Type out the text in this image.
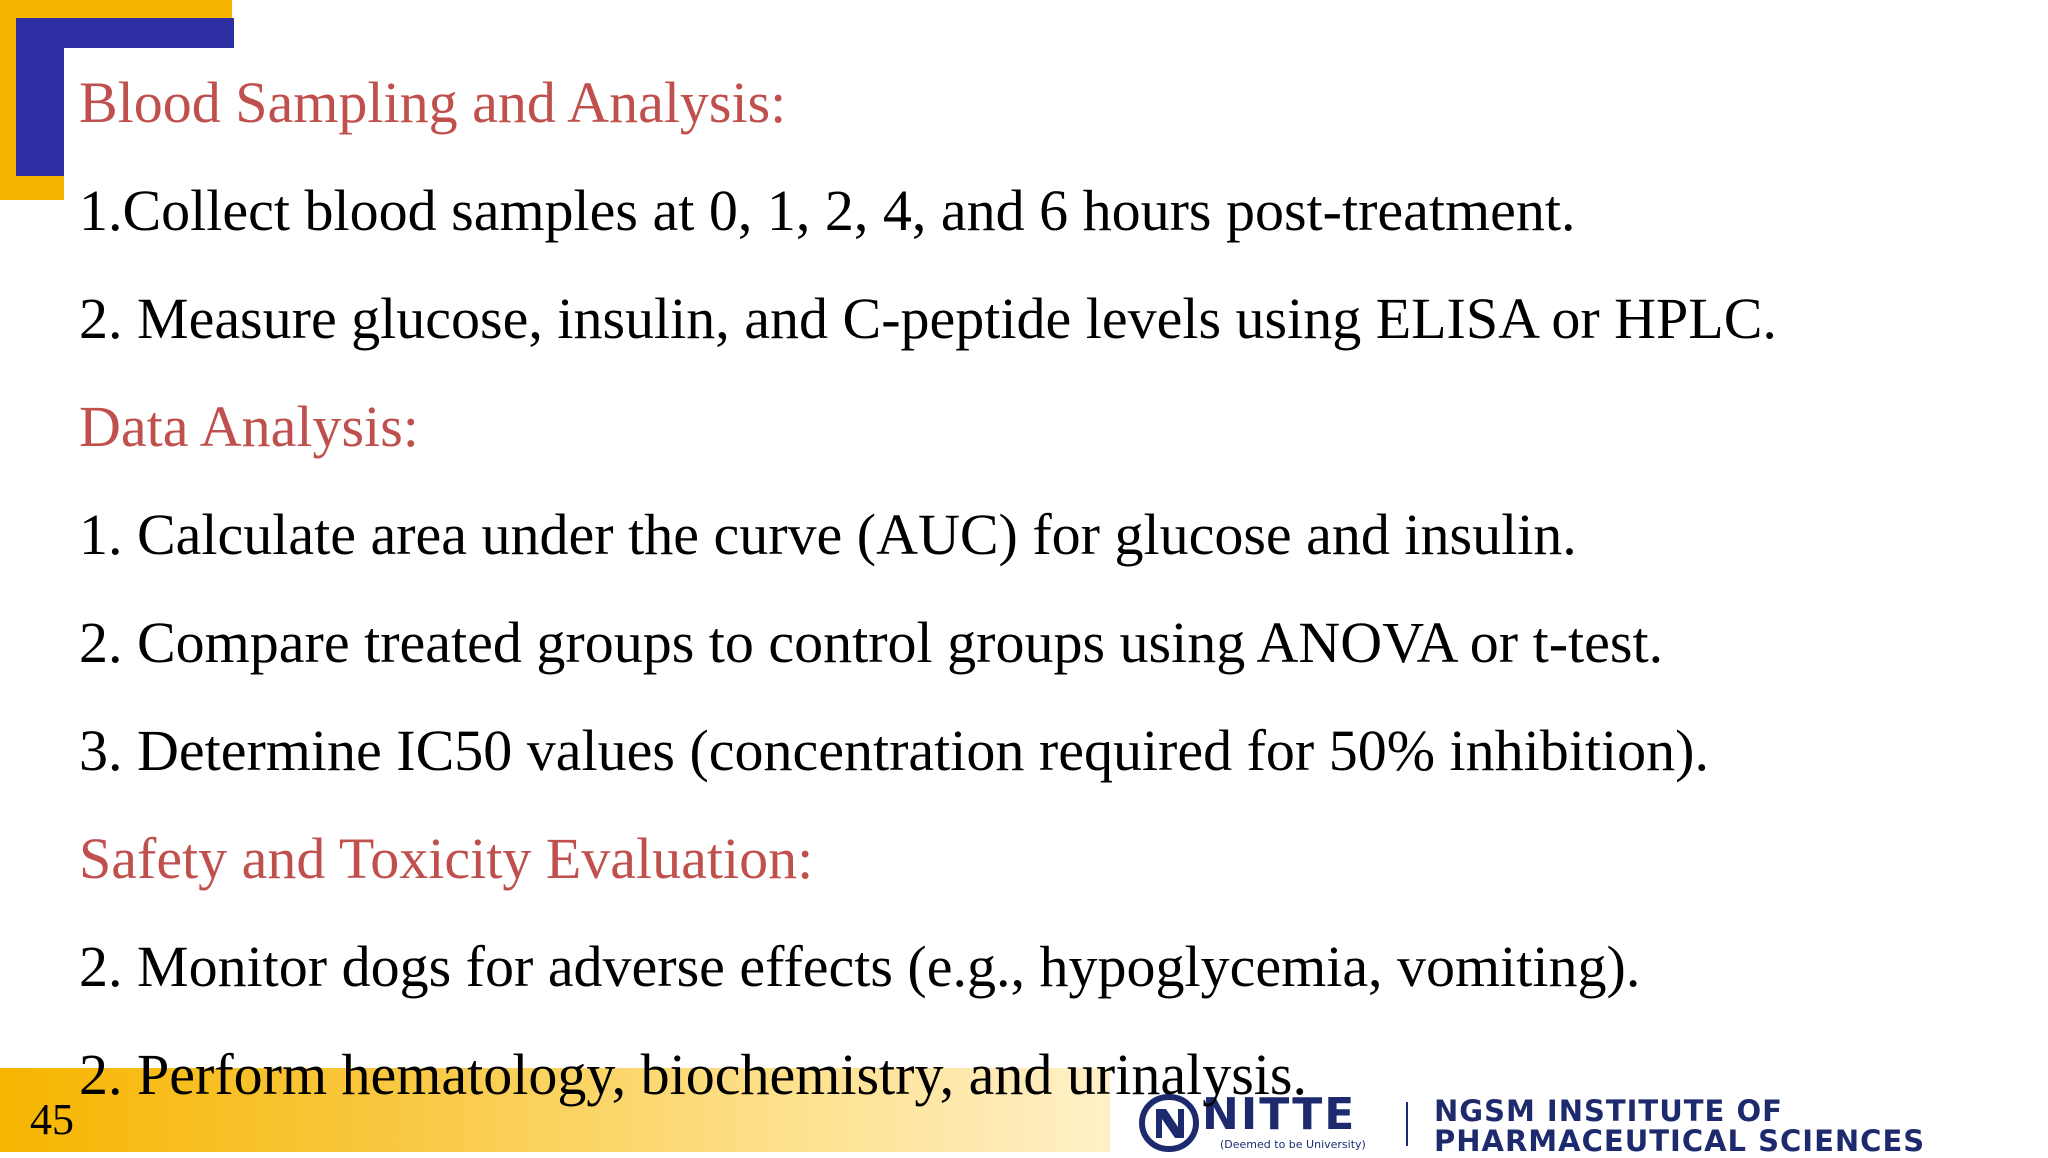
Blood Sampling and Analysis:

1.Collect blood samples at 0, 1, 2, 4, and 6 hours post-treatment.

2. Measure glucose, insulin, and C-peptide levels using ELISA or HPLC.

Data Analysis:

1. Calculate area under the curve (AUC) for glucose and insulin.

2. Compare treated groups to control groups using ANOVA or t-test.

3. Determine IC50 values (concentration required for 50% inhibition).

Safety and Toxicity Evaluation:

2. Monitor dogs for adverse effects (e.g., hypoglycemia, vomiting).

2. Perform hematology, biochemistry, and urinalysis.

45	NITTE
(Deemed to be University)
NGSM INSTITUTE OF
PHARMACEUTICAL SCIENCES
